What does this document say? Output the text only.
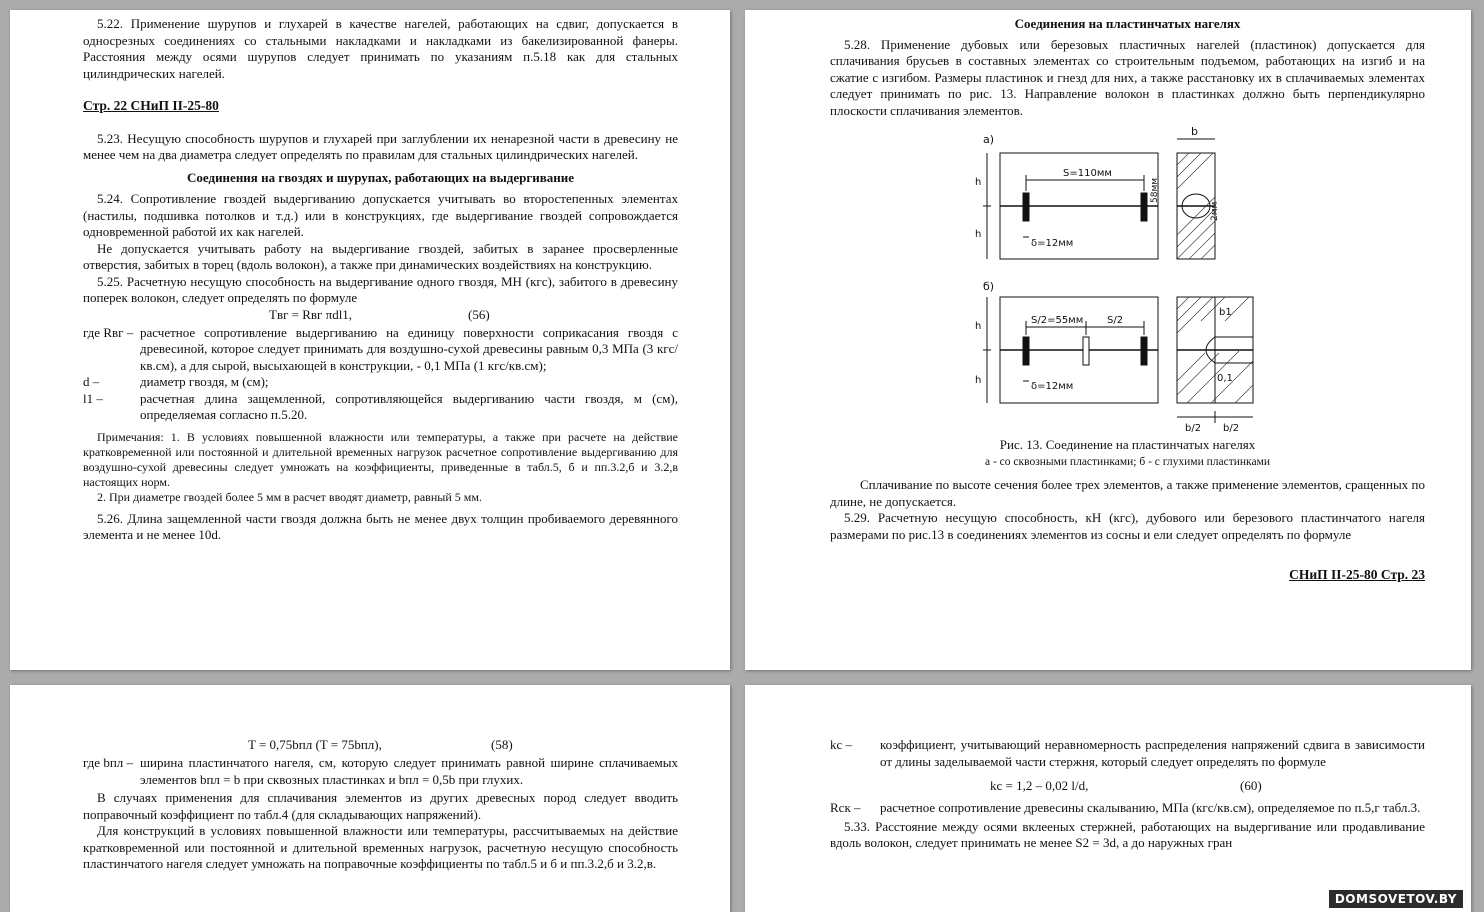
5.22. Применение шурупов и глухарей в качестве нагелей, работающих на сдвиг, допускается в односрезных соединениях со стальными накладками и накладками из бакелизированной фанеры. Расстояния между осями шурупов следует принимать по указаниям п.5.18 как для стальных цилиндрических нагелей.

Стр. 22 СНиП II-25-80

5.23. Несущую способность шурупов и глухарей при заглублении их ненарезной части в древесину не менее чем на два диаметра следует определять по правилам для стальных цилиндрических нагелей.

Соединения на гвоздях и шурупах, работающих на выдергивание

5.24. Сопротивление гвоздей выдергиванию допускается учитывать во второстепенных элементах (настилы, подшивка потолков и т.д.) или в конструкциях, где выдергивание гвоздей сопровождается одновременной работой их как нагелей.

Не допускается учитывать работу на выдергивание гвоздей, забитых в заранее просверленные отверстия, забитых в торец (вдоль волокон), а также при динамических воздействиях на конструкцию.

5.25. Расчетную несущую способность на выдергивание одного гвоздя, МН (кгс), забитого в древесину поперек волокон, следует определять по формуле

Tвг = Rвг πdl1,	(56)
где Rвг – расчетное сопротивление выдергиванию на единицу поверхности соприкасания гвоздя с древесиной, которое следует принимать для воздушно-сухой древесины равным 0,3 МПа (3 кгс/кв.см), а для сырой, высыхающей в конструкции, - 0,1 МПа (1 кгс/кв.см);
d –	диаметр гвоздя, м (см);
l1 –	расчетная длина защемленной, сопротивляющейся выдергиванию части гвоздя, м (см), определяемая согласно п.5.20.

Примечания: 1. В условиях повышенной влажности или температуры, а также при расчете на действие кратковременной или постоянной и длительной временных нагрузок расчетное сопротивление выдергиванию для воздушно-сухой древесины следует умножать на коэффициенты, приведенные в табл.5, б и пп.3.2,б и 3.2,в настоящих норм.

2. При диаметре гвоздей более 5 мм в расчет вводят диаметр, равный 5 мм.

5.26. Длина защемленной части гвоздя должна быть не менее двух толщин пробиваемого деревянного элемента и не менее 10d.

Соединения на пластинчатых нагелях

5.28. Применение дубовых или березовых пластичных нагелей (пластинок) допускается для сплачивания брусьев в составных элементах со строительным подъемом, работающих на изгиб и на сжатие с изгибом. Размеры пластинок и гнезд для них, а также расстановку их в сплачиваемых элементах следует принимать по рис. 13. Направление волокон в пластинках должно быть перпендикулярно плоскости сплачивания элементов.

а)
S=110мм
δ=12мм
h
h
58мм
b
2мм
б)
S/2=55мм S/2
δ=12мм
h
h
b1
0,1
b/2 b/2

Рис. 13. Соединение на пластинчатых нагелях

а - со сквозными пластинками; б - с глухими пластинками

Сплачивание по высоте сечения более трех элементов, а также применение элементов, сращенных по длине, не допускается.

5.29. Расчетную несущую способность, кН (кгс), дубового или березового пластинчатого нагеля размерами по рис.13 в соединениях элементов из сосны и ели следует определять по формуле

СНиП II-25-80 Стр. 23

T = 0,75bпл (T = 75bпл),	(58)
где bпл – ширина пластинчатого нагеля, см, которую следует принимать равной ширине сплачиваемых элементов bпл = b при сквозных пластинках и bпл = 0,5b при глухих.

В случаях применения для сплачивания элементов из других древесных пород следует вводить поправочный коэффициент по табл.4 (для складывающих напряжений).

Для конструкций в условиях повышенной влажности или температуры, рассчитываемых на действие кратковременной или постоянной и длительной временных нагрузок, расчетную несущую способность пластинчатого нагеля следует умножать на поправочные коэффициенты по табл.5 и б и пп.3.2,б и 3.2,в.

kс –	коэффициент, учитывающий неравномерность распределения напряжений сдвига в зависимости от длины заделываемой части стержня, который следует определять по формуле
kс = 1,2 – 0,02 l/d,	(60)
Rск –	расчетное сопротивление древесины скалыванию, МПа (кгс/кв.см), определяемое по п.5,г табл.3.

5.33. Расстояние между осями вклееных стержней, работающих на выдергивание или продавливание вдоль волокон, следует принимать не менее S2 = 3d, а до наружных гран

DOMSOVETOV.BY
